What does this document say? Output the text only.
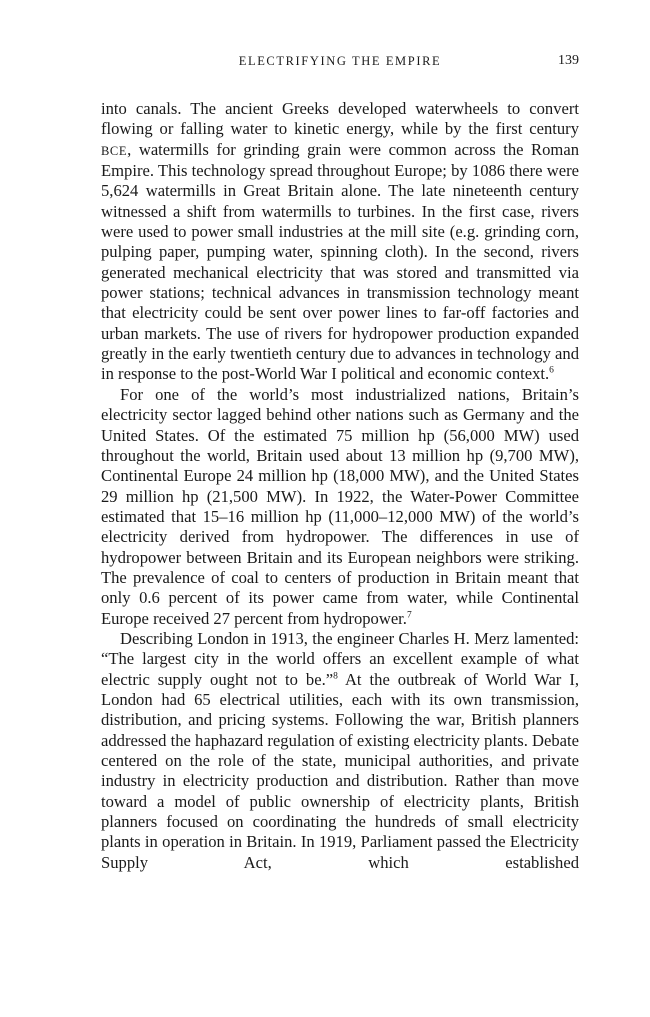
ELECTRIFYING THE EMPIRE	139

into canals. The ancient Greeks developed waterwheels to convert flowing or falling water to kinetic energy, while by the first century BCE, watermills for grinding grain were common across the Roman Empire. This technology spread throughout Europe; by 1086 there were 5,624 watermills in Great Britain alone. The late nineteenth century witnessed a shift from watermills to turbines. In the first case, rivers were used to power small industries at the mill site (e.g. grinding corn, pulping paper, pumping water, spinning cloth). In the second, rivers generated mechanical electricity that was stored and transmitted via power stations; technical advances in transmission technology meant that electricity could be sent over power lines to far-off factories and urban markets. The use of rivers for hydropower production expanded greatly in the early twentieth century due to advances in technology and in response to the post-World War I political and economic context.$^6$

For one of the world’s most industrialized nations, Britain’s electricity sector lagged behind other nations such as Germany and the United States. Of the estimated 75 million hp (56,000 MW) used throughout the world, Britain used about 13 million hp (9,700 MW), Continental Europe 24 million hp (18,000 MW), and the United States 29 million hp (21,500 MW). In 1922, the Water-Power Committee estimated that 15–16 million hp (11,000–12,000 MW) of the world’s electricity derived from hydropower. The differences in use of hydropower between Britain and its European neighbors were striking. The prevalence of coal to centers of production in Britain meant that only 0.6 percent of its power came from water, while Continental Europe received 27 percent from hydropower.$^7$

Describing London in 1913, the engineer Charles H. Merz lamented: “The largest city in the world offers an excellent example of what electric supply ought not to be.”$^8$ At the outbreak of World War I, London had 65 electrical utilities, each with its own transmission, distribution, and pricing systems. Following the war, British planners addressed the haphazard regulation of existing electricity plants. Debate centered on the role of the state, municipal authorities, and private industry in electricity production and distribution. Rather than move toward a model of public ownership of electricity plants, British planners focused on coordinating the hundreds of small electricity plants in operation in Britain. In 1919, Parliament passed the Electricity Supply Act, which established
